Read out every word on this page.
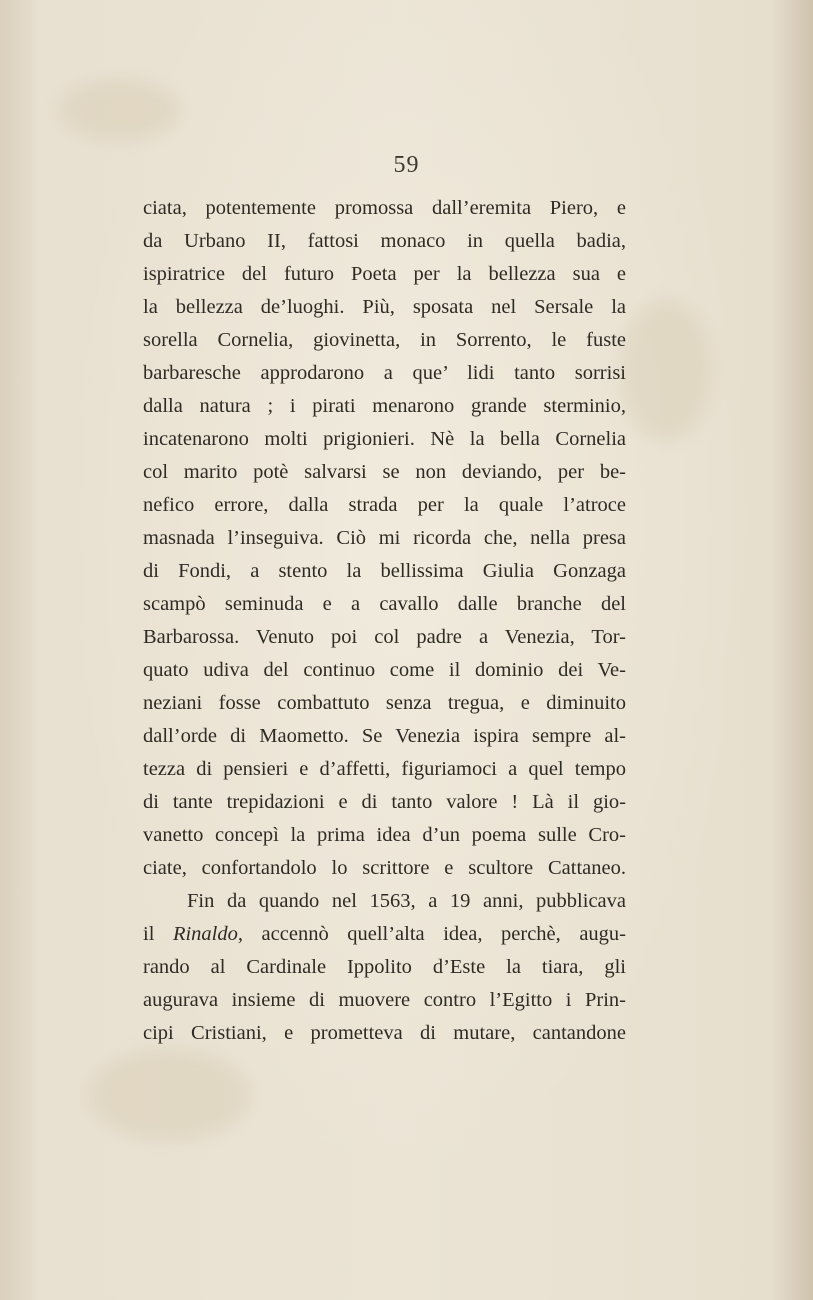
59
ciata, potentemente promossa dall’eremita Piero, e
da Urbano II, fattosi monaco in quella badia,
ispiratrice del futuro Poeta per la bellezza sua e
la bellezza de’luoghi. Più, sposata nel Sersale la
sorella Cornelia, giovinetta, in Sorrento, le fuste
barbaresche approdarono a que’ lidi tanto sorrisi
dalla natura ; i pirati menarono grande sterminio,
incatenarono molti prigionieri. Nè la bella Cornelia
col marito potè salvarsi se non deviando, per be-
nefico errore, dalla strada per la quale l’atroce
masnada l’inseguiva. Ciò mi ricorda che, nella presa
di Fondi, a stento la bellissima Giulia Gonzaga
scampò seminuda e a cavallo dalle branche del
Barbarossa. Venuto poi col padre a Venezia, Tor-
quato udiva del continuo come il dominio dei Ve-
neziani fosse combattuto senza tregua, e diminuito
dall’orde di Maometto. Se Venezia ispira sempre al-
tezza di pensieri e d’affetti, figuriamoci a quel tempo
di tante trepidazioni e di tanto valore ! Là il gio-
vanetto concepì la prima idea d’un poema sulle Cro-
ciate, confortandolo lo scrittore e scultore Cattaneo.
Fin da quando nel 1563, a 19 anni, pubblicava
il Rinaldo, accennò quell’alta idea, perchè, augu-
rando al Cardinale Ippolito d’Este la tiara, gli
augurava insieme di muovere contro l’Egitto i Prin-
cipi Cristiani, e prometteva di mutare, cantandone
